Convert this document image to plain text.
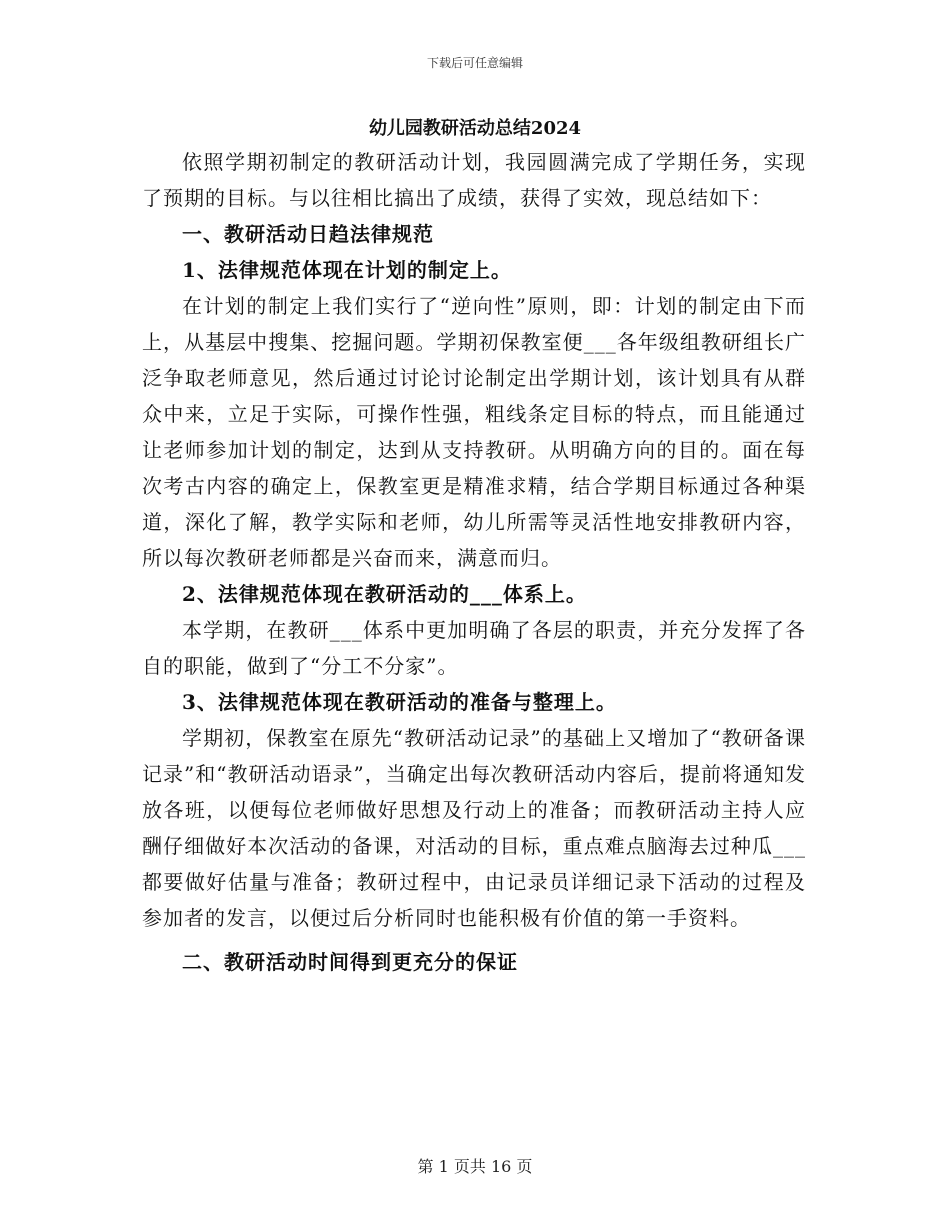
下载后可任意编辑
幼儿园教研活动总结2024

依照学期初制定的教研活动计划，我园圆满完成了学期任务，实现了预期的目标。与以往相比搞出了成绩，获得了实效，现总结如下：

一、教研活动日趋法律规范
1、法律规范体现在计划的制定上。

在计划的制定上我们实行了“逆向性”原则，即：计划的制定由下而上，从基层中搜集、挖掘问题。学期初保教室便___各年级组教研组长广泛争取老师意见，然后通过讨论讨论制定出学期计划，该计划具有从群众中来，立足于实际，可操作性强，粗线条定目标的特点，而且能通过让老师参加计划的制定，达到从支持教研。从明确方向的目的。面在每次考古内容的确定上，保教室更是精准求精，结合学期目标通过各种渠道，深化了解，教学实际和老师，幼儿所需等灵活性地安排教研内容，所以每次教研老师都是兴奋而来，满意而归。

2、法律规范体现在教研活动的___体系上。

本学期，在教研___体系中更加明确了各层的职责，并充分发挥了各自的职能，做到了“分工不分家”。

3、法律规范体现在教研活动的准备与整理上。

学期初，保教室在原先“教研活动记录”的基础上又增加了“教研备课记录”和“教研活动语录”，当确定出每次教研活动内容后，提前将通知发放各班，以便每位老师做好思想及行动上的准备；而教研活动主持人应酬仔细做好本次活动的备课，对活动的目标，重点难点脑海去过种瓜___都要做好估量与准备；教研过程中，由记录员详细记录下活动的过程及参加者的发言，以便过后分析同时也能积极有价值的第一手资料。

二、教研活动时间得到更充分的保证
第 1 页共 16 页
